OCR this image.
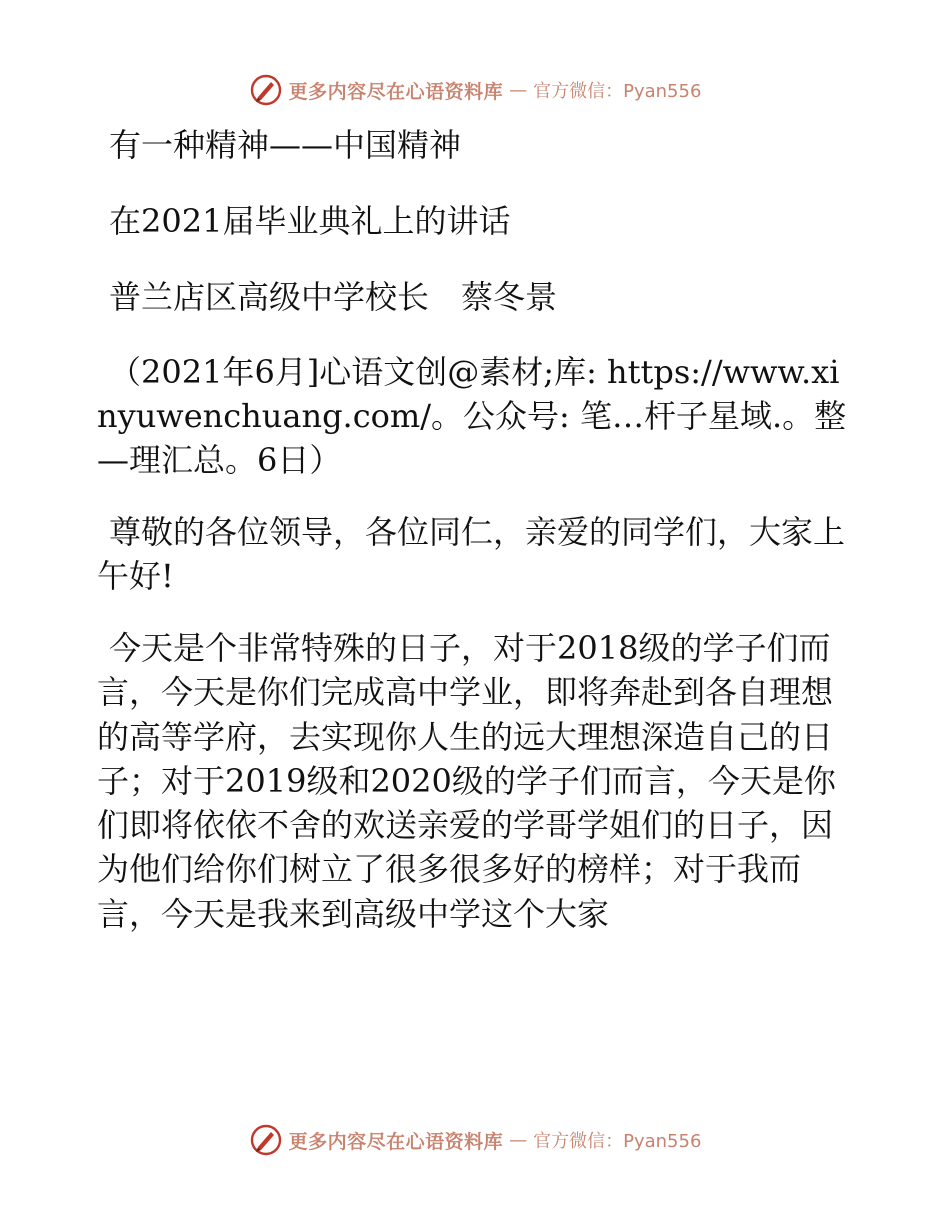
更多内容尽在心语资料库 — 官方微信：Pyan556

有一种精神——中国精神

在2021届毕业典礼上的讲话

普兰店区高级中学校长　蔡冬景

（2021年6月]心语文创@素材;库: https://www.xinyuwenchuang.com/。公众号: 笔…杆子星域.。整—理汇总。6日）

尊敬的各位领导，各位同仁，亲爱的同学们，大家上午好!

今天是个非常特殊的日子，对于2018级的学子们而言，今天是你们完成高中学业，即将奔赴到各自理想的高等学府，去实现你人生的远大理想深造自己的日子；对于2019级和2020级的学子们而言，今天是你们即将依依不舍的欢送亲爱的学哥学姐们的日子，因为他们给你们树立了很多很多好的榜样；对于我而言，今天是我来到高级中学这个大家

更多内容尽在心语资料库 — 官方微信：Pyan556
